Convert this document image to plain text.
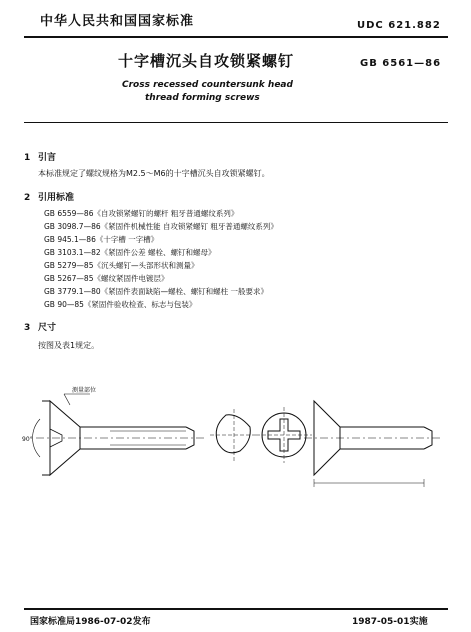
中华人民共和国国家标准	UDC 621.882
十字槽沉头自攻锁紧螺钉	GB 6561—86
Cross recessed countersunk head
thread forming screws
1 引言
本标准规定了螺纹规格为M2.5～M6的十字槽沉头自攻锁紧螺钉。
2 引用标准
GB 6559—86《自攻锁紧螺钉的螺杆 粗牙普通螺纹系列》
GB 3098.7—86《紧固件机械性能 自攻锁紧螺钉 粗牙普通螺纹系列》
GB 945.1—86《十字槽 一字槽》
GB 3103.1—82《紧固件公差 螺栓、螺钉和螺母》
GB 5279—85《沉头螺钉—头部形状和测量》
GB 5267—85《螺纹紧固件电镀层》
GB 3779.1—80《紧固件表面缺陷—螺栓、螺钉和螺柱 一般要求》
GB 90—85《紧固件验收检查、标志与包装》
3 尺寸
按图及表1规定。
测量部位
90°
国家标准局1986-07-02发布	1987-05-01实施
